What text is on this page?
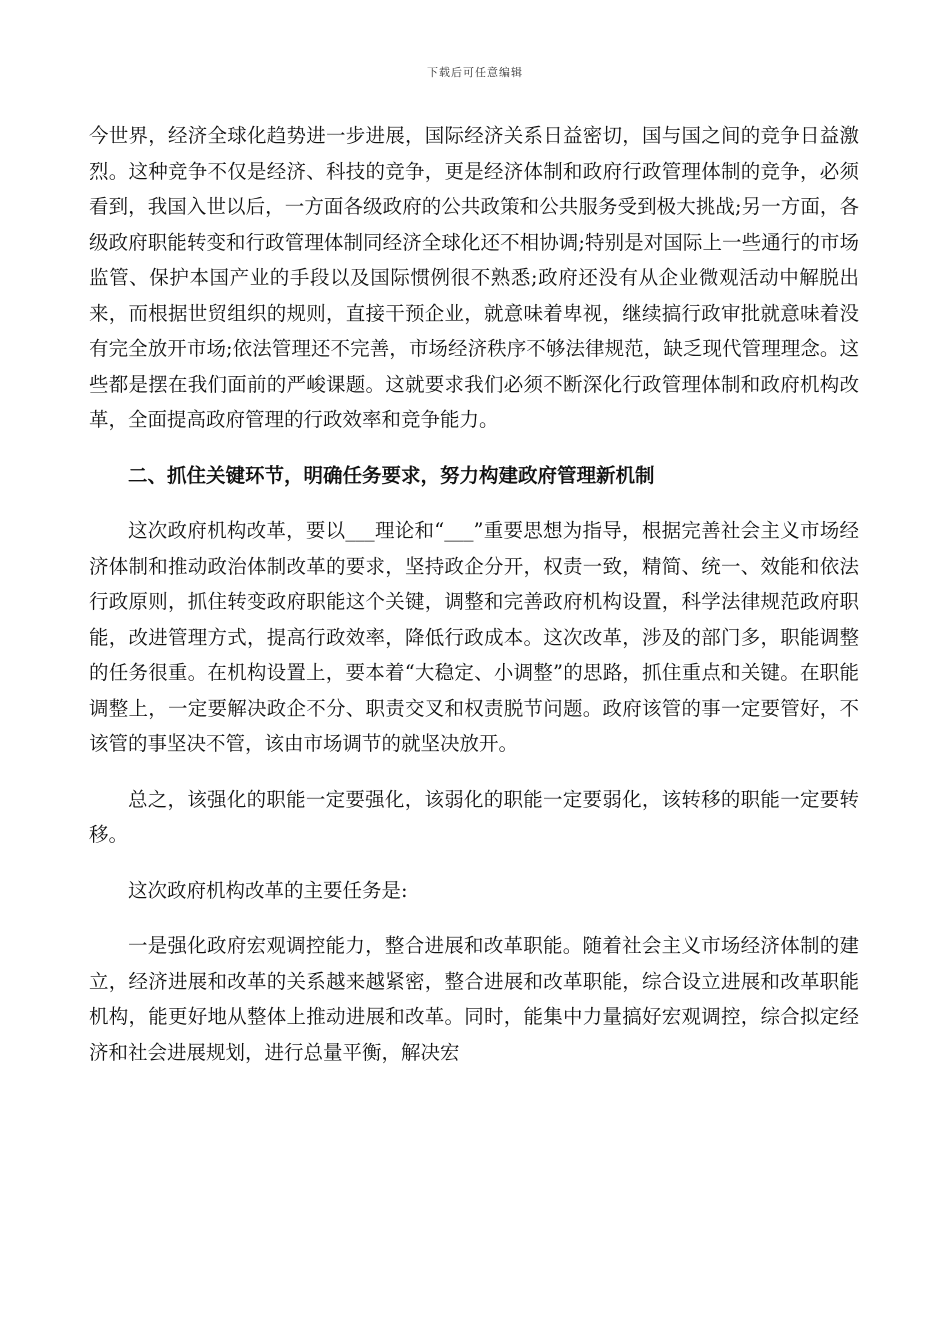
下载后可任意编辑

今世界，经济全球化趋势进一步进展，国际经济关系日益密切，国与国之间的竞争日益激烈。这种竞争不仅是经济、科技的竞争，更是经济体制和政府行政管理体制的竞争，必须看到，我国入世以后，一方面各级政府的公共政策和公共服务受到极大挑战;另一方面，各级政府职能转变和行政管理体制同经济全球化还不相协调;特别是对国际上一些通行的市场监管、保护本国产业的手段以及国际惯例很不熟悉;政府还没有从企业微观活动中解脱出来，而根据世贸组织的规则，直接干预企业，就意味着卑视，继续搞行政审批就意味着没有完全放开市场;依法管理还不完善，市场经济秩序不够法律规范，缺乏现代管理理念。这些都是摆在我们面前的严峻课题。这就要求我们必须不断深化行政管理体制和政府机构改革，全面提高政府管理的行政效率和竞争能力。

二、抓住关键环节，明确任务要求，努力构建政府管理新机制

这次政府机构改革，要以___理论和“___”重要思想为指导，根据完善社会主义市场经济体制和推动政治体制改革的要求，坚持政企分开，权责一致，精简、统一、效能和依法行政原则，抓住转变政府职能这个关键，调整和完善政府机构设置，科学法律规范政府职能，改进管理方式，提高行政效率，降低行政成本。这次改革，涉及的部门多，职能调整的任务很重。在机构设置上，要本着“大稳定、小调整”的思路，抓住重点和关键。在职能调整上，一定要解决政企不分、职责交叉和权责脱节问题。政府该管的事一定要管好，不该管的事坚决不管，该由市场调节的就坚决放开。

总之，该强化的职能一定要强化，该弱化的职能一定要弱化，该转移的职能一定要转移。

这次政府机构改革的主要任务是:

一是强化政府宏观调控能力，整合进展和改革职能。随着社会主义市场经济体制的建立，经济进展和改革的关系越来越紧密，整合进展和改革职能，综合设立进展和改革职能机构，能更好地从整体上推动进展和改革。同时，能集中力量搞好宏观调控，综合拟定经济和社会进展规划，进行总量平衡，解决宏
